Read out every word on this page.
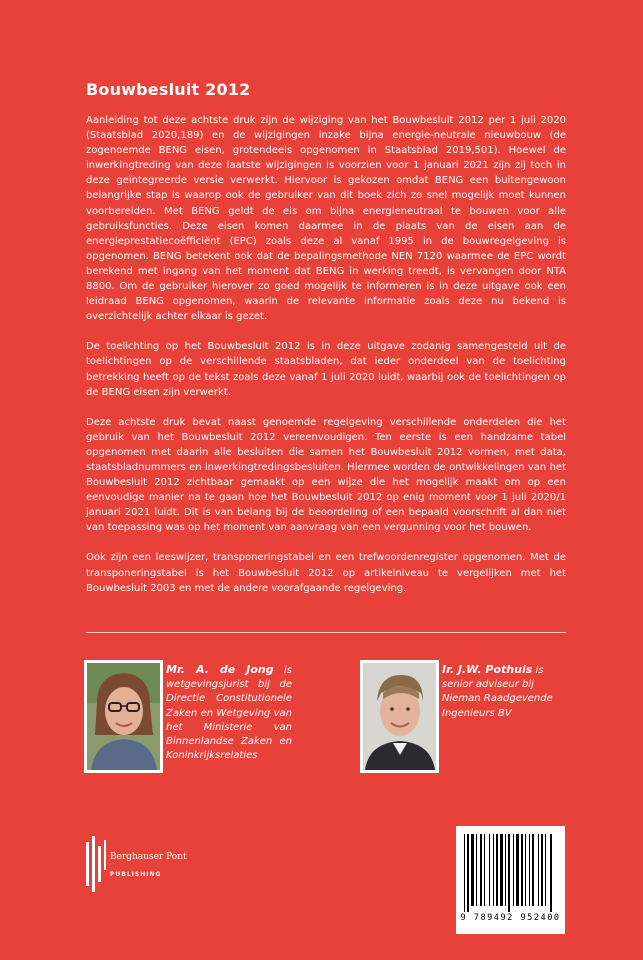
Bouwbesluit 2012

Aanleiding tot deze achtste druk zijn de wijziging van het Bouwbesluit 2012 per 1 juli 2020 (Staatsblad 2020,189) en de wijzigingen inzake bijna energie-neutrale nieuwbouw (de zogenoemde BENG eisen, grotendeels opgenomen in Staatsblad 2019,501). Hoewel de inwerkingtreding van deze laatste wijzigingen is voorzien voor 1 januari 2021 zijn zij toch in deze geïntegreerde versie verwerkt. Hiervoor is gekozen omdat BENG een buitengewoon belangrijke stap is waarop ook de gebruiker van dit boek zich zo snel mogelijk moet kunnen voorbereiden. Met BENG geldt de eis om bijna energieneutraal te bouwen voor alle gebruiksfuncties. Deze eisen komen daarmee in de plaats van de eisen aan de energieprestatiecoëfficiënt (EPC) zoals deze al vanaf 1995 in de bouwregelgeving is opgenomen. BENG betekent ook dat de bepalingsmethode NEN 7120 waarmee de EPC wordt berekend met ingang van het moment dat BENG in werking treedt, is vervangen door NTA 8800. Om de gebruiker hierover zo goed mogelijk te informeren is in deze uitgave ook een leidraad BENG opgenomen, waarin de relevante informatie zoals deze nu bekend is overzichtelijk achter elkaar is gezet.

De toelichting op het Bouwbesluit 2012 is in deze uitgave zodanig samengesteld uit de toelichtingen op de verschillende staatsbladen, dat ieder onderdeel van de toelichting betrekking heeft op de tekst zoals deze vanaf 1 juli 2020 luidt, waarbij ook de toelichtingen op de BENG eisen zijn verwerkt.

Deze achtste druk bevat naast genoemde regelgeving verschillende onderdelen die het gebruik van het Bouwbesluit 2012 vereenvoudigen. Ten eerste is een handzame tabel opgenomen met daarin alle besluiten die samen het Bouwbesluit 2012 vormen, met data, staatsbladnummers en inwerkingtredingsbesluiten. Hiermee worden de ontwikkelingen van het Bouwbesluit 2012 zichtbaar gemaakt op een wijze die het mogelijk maakt om op een eenvoudige manier na te gaan hoe het Bouwbesluit 2012 op enig moment voor 1 juli 2020/1 januari 2021 luidt. Dit is van belang bij de beoordeling of een bepaald voorschrift al dan niet van toepassing was op het moment van aanvraag van een vergunning voor het bouwen.

Ook zijn een leeswijzer, transponeringstabel en een trefwoordenregister opgenomen. Met de transponeringstabel is het Bouwbesluit 2012 op artikelniveau te vergelijken met het Bouwbesluit 2003 en met de andere voorafgaande regelgeving.

Mr. A. de Jong is wetgevingsjurist bij de Directie Constitutionele Zaken en Wetgeving van het Ministerie van Binnenlandse Zaken en Koninkrijksrelaties
Ir. J.W. Pothuis is senior adviseur bij Nieman Raadgevende Ingenieurs BV
Berghauser Pont
PUBLISHING
9 789492 952400
